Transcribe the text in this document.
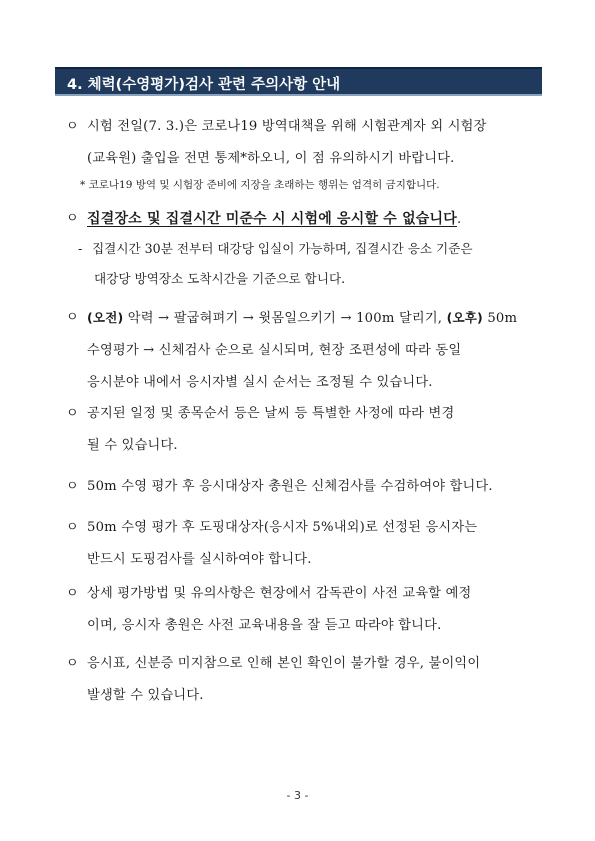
4. 체력(수영평가)검사 관련 주의사항 안내
ㅇ 시험 전일(7. 3.)은 코로나19 방역대책을 위해 시험관계자 외 시험장
(교육원) 출입을 전면 통제*하오니, 이 점 유의하시기 바랍니다.
* 코로나19 방역 및 시험장 준비에 지장을 초래하는 행위는 엄격히 금지합니다.
ㅇ 집결장소 및 집결시간 미준수 시 시험에 응시할 수 없습니다.
- 집결시간 30분 전부터 대강당 입실이 가능하며, 집결시간 응소 기준은
대강당 방역장소 도착시간을 기준으로 합니다.
ㅇ (오전) 악력 → 팔굽혀펴기 → 윗몸일으키기 → 100m 달리기, (오후) 50m
수영평가 → 신체검사 순으로 실시되며, 현장 조편성에 따라 동일
응시분야 내에서 응시자별 실시 순서는 조정될 수 있습니다.
ㅇ 공지된 일정 및 종목순서 등은 날씨 등 특별한 사정에 따라 변경
될 수 있습니다.
ㅇ 50m 수영 평가 후 응시대상자 총원은 신체검사를 수검하여야 합니다.
ㅇ 50m 수영 평가 후 도핑대상자(응시자 5%내외)로 선정된 응시자는
반드시 도핑검사를 실시하여야 합니다.
ㅇ 상세 평가방법 및 유의사항은 현장에서 감독관이 사전 교육할 예정
이며, 응시자 총원은 사전 교육내용을 잘 듣고 따라야 합니다.
ㅇ 응시표, 신분증 미지참으로 인해 본인 확인이 불가할 경우, 불이익이
발생할 수 있습니다.
- 3 -
